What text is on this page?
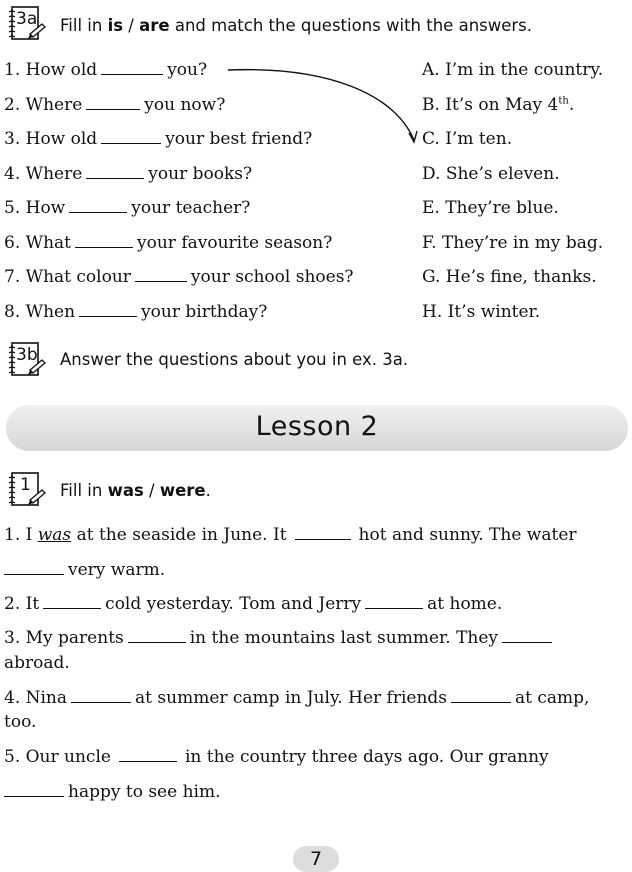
3a Fill in is / are and match the questions with the answers.
1. How old	you?
2. Where	you now?
3. How old	your best friend?
4. Where	your books?
5. How	your teacher?
6. What	your favourite season?
7. What colour	your school shoes?
8. When	your birthday?
A. I’m in the country.
B. It’s on May 4th.
C. I’m ten.
D. She’s eleven.
E. They’re blue.
F. They’re in my bag.
G. He’s fine, thanks.
H. It’s winter.
3b Answer the questions about you in ex. 3a.
Lesson 2
1 Fill in was / were.
1. I was at the seaside in June. It	hot and sunny. The water
very warm.
2. It	cold yesterday. Tom and Jerry	at home.
3. My parents	in the mountains last summer. They
abroad.
4. Nina	at summer camp in July. Her friends	at camp,
too.
5. Our uncle	in the country three days ago. Our granny
happy to see him.
7
